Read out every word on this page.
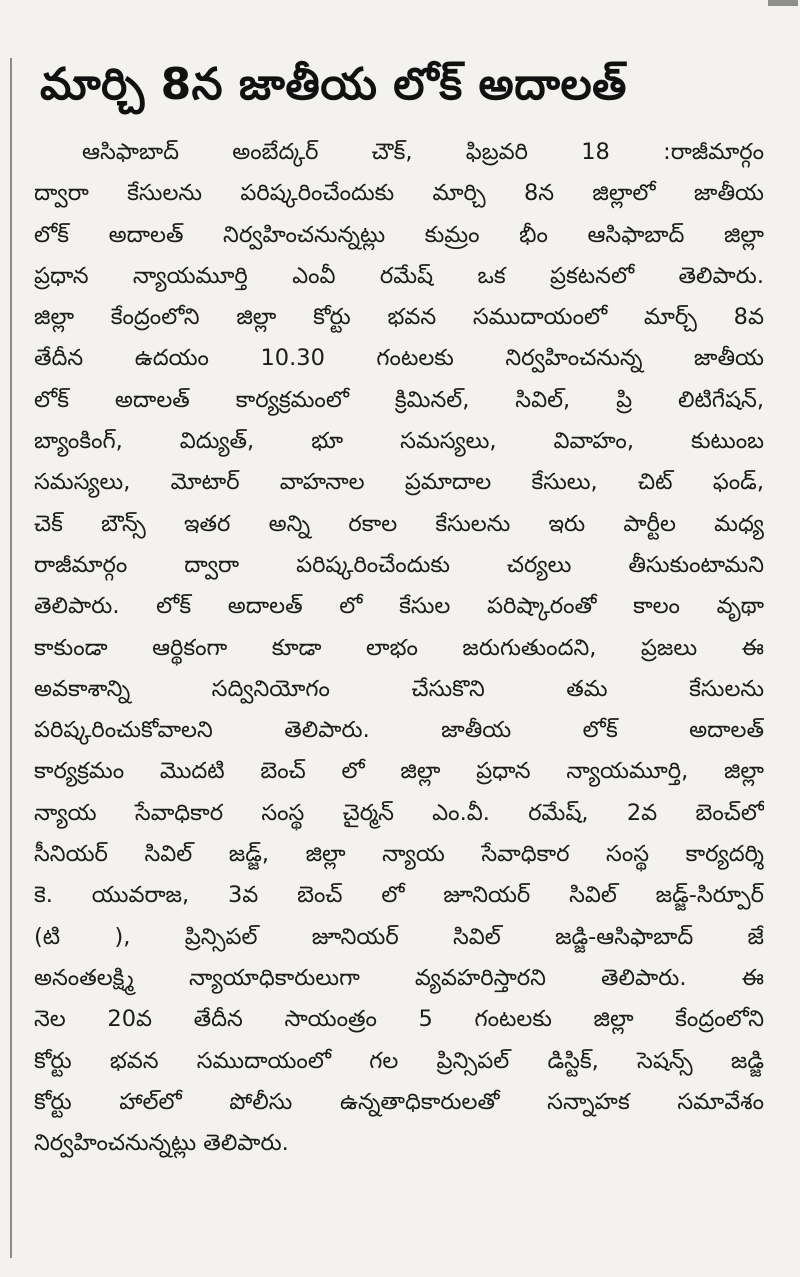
మార్చి 8న జాతీయ లోక్ అదాలత్
ఆసిఫాబాద్ అంబేద్కర్ చౌక్, ఫిబ్రవరి 18 :రాజీమార్గం
ద్వారా కేసులను పరిష్కరించేందుకు మార్చి 8న జిల్లాలో జాతీయ
లోక్ అదాలత్ నిర్వహించనున్నట్లు కుమ్రం భీం ఆసిఫాబాద్ జిల్లా
ప్రధాన న్యాయమూర్తి ఎంవీ రమేష్ ఒక ప్రకటనలో తెలిపారు.
జిల్లా కేంద్రంలోని జిల్లా కోర్టు భవన సముదాయంలో మార్చ్ 8వ
తేదీన ఉదయం 10.30 గంటలకు నిర్వహించనున్న జాతీయ
లోక్ అదాలత్ కార్యక్రమంలో క్రిమినల్, సివిల్, ప్రి లిటిగేషన్,
బ్యాంకింగ్, విద్యుత్, భూ సమస్యలు, వివాహం, కుటుంబ
సమస్యలు, మోటార్ వాహనాల ప్రమాదాల కేసులు, చిట్ ఫండ్,
చెక్ బౌన్స్ ఇతర అన్ని రకాల కేసులను ఇరు పార్టీల మధ్య
రాజీమార్గం ద్వారా పరిష్కరించేందుకు చర్యలు తీసుకుంటామని
తెలిపారు. లోక్ అదాలత్ లో కేసుల పరిష్కారంతో కాలం వృథా
కాకుండా ఆర్థికంగా కూడా లాభం జరుగుతుందని, ప్రజలు ఈ
అవకాశాన్ని సద్వినియోగం చేసుకొని తమ కేసులను
పరిష్కరించుకోవాలని తెలిపారు. జాతీయ లోక్ అదాలత్
కార్యక్రమం మొదటి బెంచ్ లో జిల్లా ప్రధాన న్యాయమూర్తి, జిల్లా
న్యాయ సేవాధికార సంస్థ చైర్మన్ ఎం.వీ. రమేష్, 2వ బెంచ్‌లో
సీనియర్ సివిల్ జడ్జ్, జిల్లా న్యాయ సేవాధికార సంస్థ కార్యదర్శి
కె. యువరాజ, 3వ బెంచ్ లో జూనియర్ సివిల్ జడ్జ్-సిర్పూర్
(టి ), ప్రిన్సిపల్ జూనియర్ సివిల్ జడ్జి-ఆసిఫాబాద్ జే
అనంతలక్ష్మి న్యాయాధికారులుగా వ్యవహరిస్తారని తెలిపారు. ఈ
నెల 20వ తేదీన సాయంత్రం 5 గంటలకు జిల్లా కేంద్రంలోని
కోర్టు భవన సముదాయంలో గల ప్రిన్సిపల్ డిస్టిక్, సెషన్స్ జడ్జి
కోర్టు హాల్‌లో పోలీసు ఉన్నతాధికారులతో సన్నాహక సమావేశం
నిర్వహించనున్నట్లు తెలిపారు.
